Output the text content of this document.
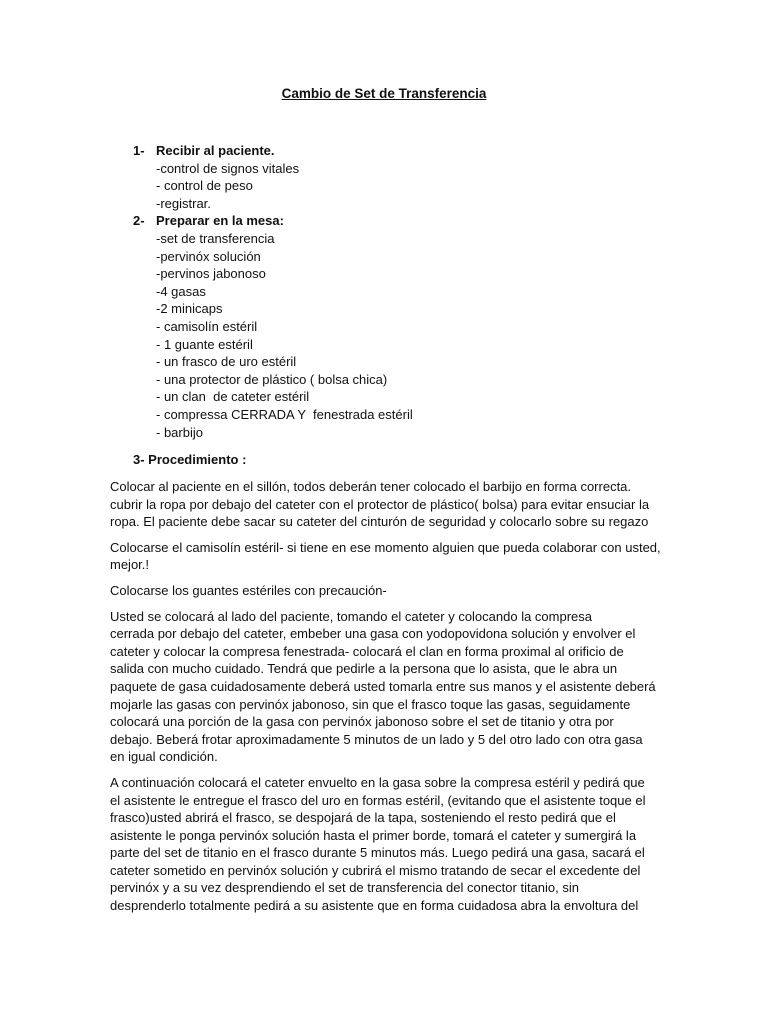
Cambio de Set de Transferencia
1- Recibir al paciente.
-control de signos vitales
- control de peso
-registrar.
2- Preparar en la mesa:
-set de transferencia
-pervinóx solución
-pervinos jabonoso
-4 gasas
-2 minicaps
- camisolín estéril
- 1 guante estéril
- un frasco de uro estéril
- una protector de plástico ( bolsa chica)
- un clan  de cateter estéril
- compressa CERRADA Y  fenestrada estéril
- barbijo
3- Procedimiento :

Colocar al paciente en el sillón, todos deberán tener colocado el barbijo en forma correcta.
cubrir la ropa por debajo del cateter con el protector de plástico( bolsa) para evitar ensuciar la
ropa. El paciente debe sacar su cateter del cinturón de seguridad y colocarlo sobre su regazo

Colocarse el camisolín estéril- si tiene en ese momento alguien que pueda colaborar con usted,
mejor.!

Colocarse los guantes estériles con precaución-

Usted se colocará al lado del paciente, tomando el cateter y colocando la compresa
cerrada por debajo del cateter, embeber una gasa con yodopovidona solución y envolver el
cateter y colocar la compresa fenestrada- colocará el clan en forma proximal al orificio de
salida con mucho cuidado. Tendrá que pedirle a la persona que lo asista, que le abra un
paquete de gasa cuidadosamente deberá usted tomarla entre sus manos y el asistente deberá
mojarle las gasas con pervinóx jabonoso, sin que el frasco toque las gasas, seguidamente
colocará una porción de la gasa con pervinóx jabonoso sobre el set de titanio y otra por
debajo. Beberá frotar aproximadamente 5 minutos de un lado y 5 del otro lado con otra gasa
en igual condición.

A continuación colocará el cateter envuelto en la gasa sobre la compresa estéril y pedirá que
el asistente le entregue el frasco del uro en formas estéril, (evitando que el asistente toque el
frasco)usted abrirá el frasco, se despojará de la tapa, sosteniendo el resto pedirá que el
asistente le ponga pervinóx solución hasta el primer borde, tomará el cateter y sumergirá la
parte del set de titanio en el frasco durante 5 minutos más. Luego pedirá una gasa, sacará el
cateter sometido en pervinóx solución y cubrirá el mismo tratando de secar el excedente del
pervinóx y a su vez desprendiendo el set de transferencia del conector titanio, sin
desprenderlo totalmente pedirá a su asistente que en forma cuidadosa abra la envoltura del
